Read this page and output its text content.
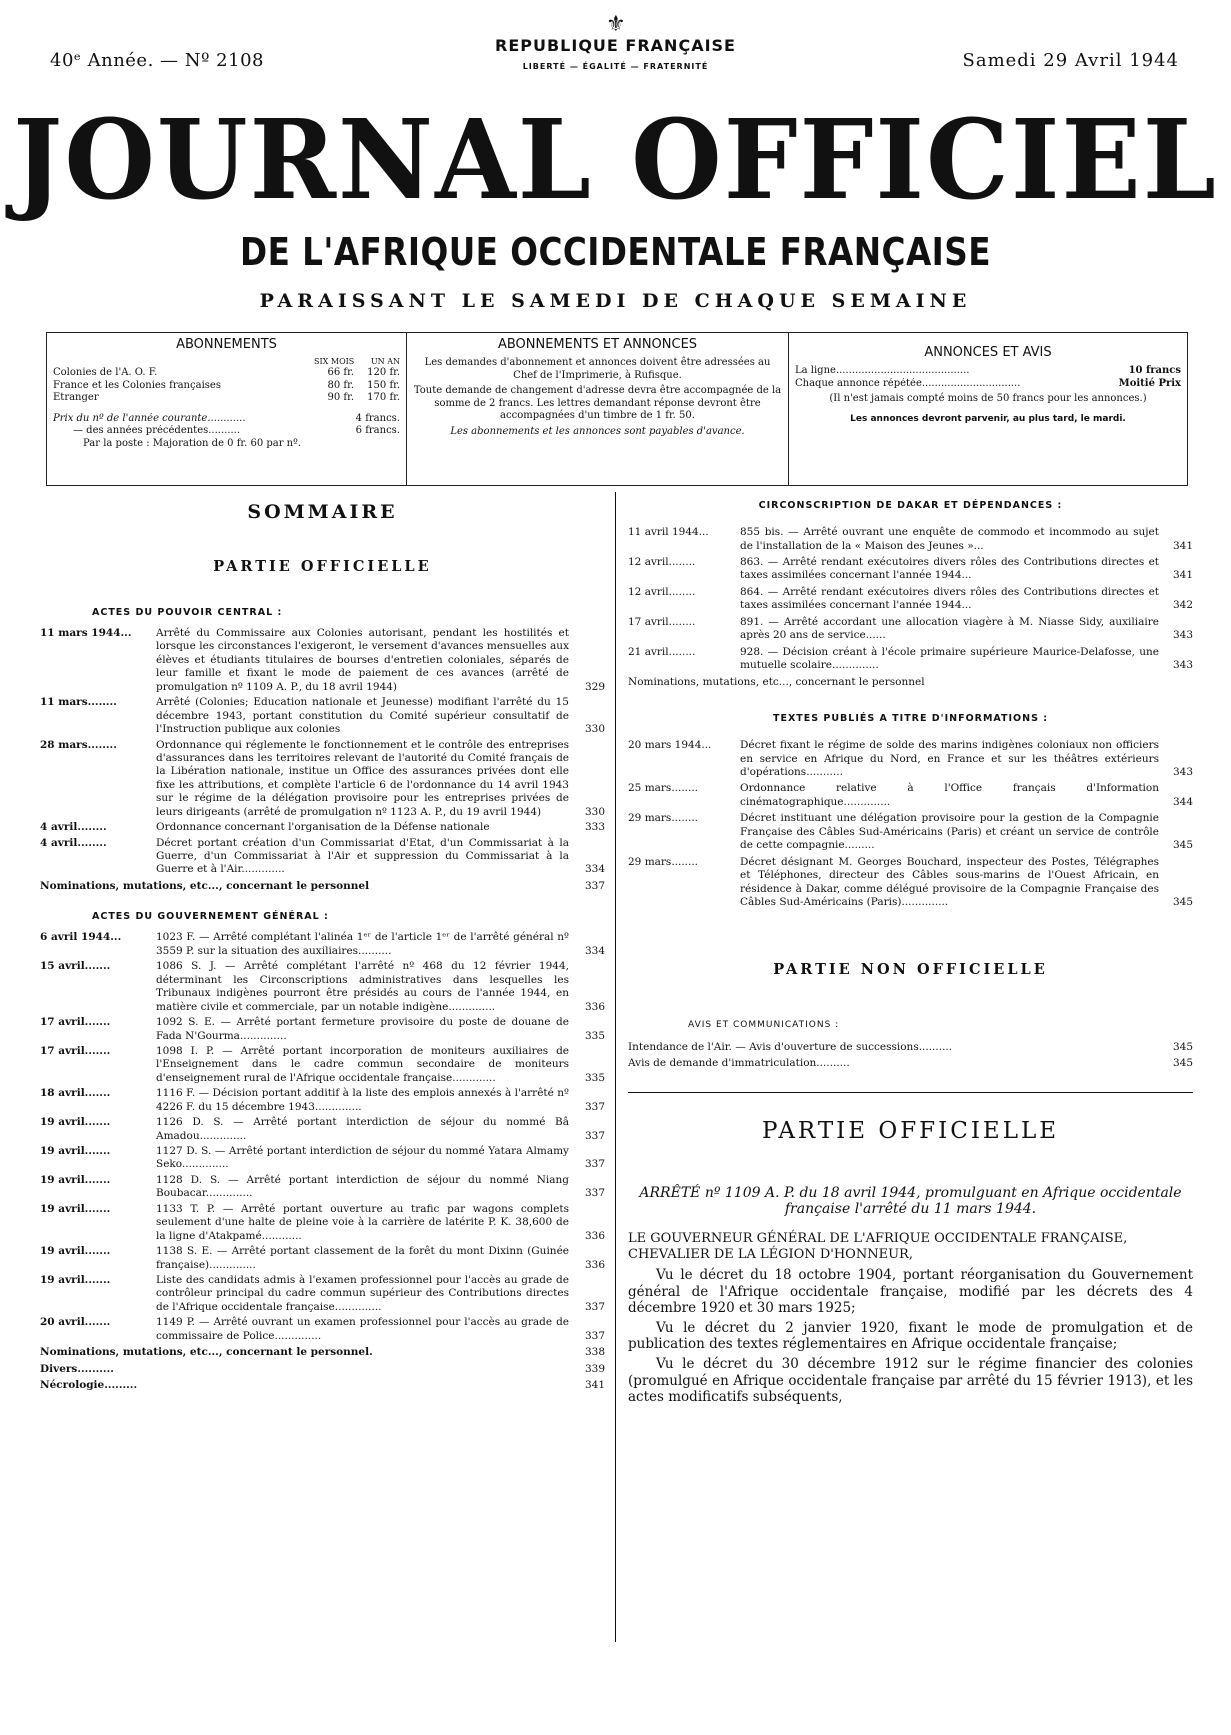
40ᵉ Année. — Nº 2108
⚜
REPUBLIQUE FRANÇAISE
LIBERTÉ — ÉGALITÉ — FRATERNITÉ	Samedi 29 Avril 1944
JOURNAL OFFICIEL
DE L'AFRIQUE OCCIDENTALE FRANÇAISE
PARAISSANT LE SAMEDI DE CHAQUE SEMAINE
ABONNEMENTS
SIX MOIS	UN AN
Colonies de l'A. O. F.	66 fr.	120 fr.
France et les Colonies françaises	80 fr.	150 fr.
Etranger	90 fr.	170 fr.
Prix du nº de l'année courante............	4 francs.
— des années précédentes..........	6 francs.
Par la poste : Majoration de 0 fr. 60 par nº.
ABONNEMENTS ET ANNONCES

Les demandes d'abonnement et annonces doivent être adressées au Chef de l'Imprimerie, à Rufisque.

Toute demande de changement d'adresse devra être accompagnée de la somme de 2 francs. Les lettres demandant réponse devront être accompagnées d'un timbre de 1 fr. 50.

Les abonnements et les annonces sont payables d'avance.

ANNONCES ET AVIS
La ligne..........................................	10 francs
Chaque annonce répétée...............................	Moitié Prix

(Il n'est jamais compté moins de 50 francs pour les annonces.)

Les annonces devront parvenir, au plus tard, le mardi.

SOMMAIRE
PARTIE OFFICIELLE
ACTES DU POUVOIR CENTRAL :
11 mars 1944...	Arrêté du Commissaire aux Colonies autorisant, pendant les hostilités et lorsque les circonstances l'exigeront, le versement d'avances mensuelles aux élèves et étudiants titulaires de bourses d'entretien coloniales, séparés de leur famille et fixant le mode de paiement de ces avances (arrêté de promulgation nº 1109 A. P., du 18 avril 1944)	329
11 mars........	Arrêté (Colonies; Education nationale et Jeunesse) modifiant l'arrêté du 15 décembre 1943, portant constitution du Comité supérieur consultatif de l'Instruction publique aux colonies	330
28 mars........	Ordonnance qui réglemente le fonctionnement et le contrôle des entreprises d'assurances dans les territoires relevant de l'autorité du Comité français de la Libération nationale, institue un Office des assurances privées dont elle fixe les attributions, et complète l'article 6 de l'ordonnance du 14 avril 1943 sur le régime de la délégation provisoire pour les entreprises privées de leurs dirigeants (arrêté de promulgation nº 1123 A. P., du 19 avril 1944)	330
4 avril........	Ordonnance concernant l'organisation de la Défense nationale	333
4 avril........	Décret portant création d'un Commissariat d'Etat, d'un Commissariat à la Guerre, d'un Commissariat à l'Air et suppression du Commissariat à la Guerre et à l'Air.............	334
Nominations, mutations, etc..., concernant le personnel	337
ACTES DU GOUVERNEMENT GÉNÉRAL :
6 avril 1944...	1023 F. — Arrêté complétant l'alinéa 1ᵉʳ de l'article 1ᵉʳ de l'arrêté général nº 3559 P. sur la situation des auxiliaires..........	334
15 avril.......	1086 S. J. — Arrêté complétant l'arrêté nº 468 du 12 février 1944, déterminant les Circonscriptions administratives dans lesquelles les Tribunaux indigènes pourront être présidés au cours de l'année 1944, en matière civile et commerciale, par un notable indigène..............	336
17 avril.......	1092 S. E. — Arrêté portant fermeture provisoire du poste de douane de Fada N'Gourma..............	335
17 avril.......	1098 I. P. — Arrêté portant incorporation de moniteurs auxiliaires de l'Enseignement dans le cadre commun secondaire de moniteurs d'enseignement rural de l'Afrique occidentale française.............	335
18 avril.......	1116 F. — Décision portant additif à la liste des emplois annexés à l'arrêté nº 4226 F. du 15 décembre 1943..............	337
19 avril.......	1126 D. S. — Arrêté portant interdiction de séjour du nommé Bâ Amadou..............	337
19 avril.......	1127 D. S. — Arrêté portant interdiction de séjour du nommé Yatara Almamy Seko..............	337
19 avril.......	1128 D. S. — Arrêté portant interdiction de séjour du nommé Niang Boubacar..............	337
19 avril.......	1133 T. P. — Arrêté portant ouverture au trafic par wagons complets seulement d'une halte de pleine voie à la carrière de latérite P. K. 38,600 de la ligne d'Atakpamé............	336
19 avril.......	1138 S. E. — Arrêté portant classement de la forêt du mont Dixinn (Guinée française)..............	336
19 avril.......	Liste des candidats admis à l'examen professionnel pour l'accès au grade de contrôleur principal du cadre commun supérieur des Contributions directes de l'Afrique occidentale française..............	337
20 avril.......	1149 P. — Arrêté ouvrant un examen professionnel pour l'accès au grade de commissaire de Police..............	337
Nominations, mutations, etc..., concernant le personnel.	338
Divers..........	339
Nécrologie.........	341
CIRCONSCRIPTION DE DAKAR ET DÉPENDANCES :
11 avril 1944...	855 bis. — Arrêté ouvrant une enquête de commodo et incommodo au sujet de l'installation de la « Maison des Jeunes »...	341
12 avril........	863. — Arrêté rendant exécutoires divers rôles des Contributions directes et taxes assimilées concernant l'année 1944...	341
12 avril........	864. — Arrêté rendant exécutoires divers rôles des Contributions directes et taxes assimilées concernant l'année 1944...	342
17 avril........	891. — Arrêté accordant une allocation viagère à M. Niasse Sidy, auxiliaire après 20 ans de service......	343
21 avril........	928. — Décision créant à l'école primaire supérieure Maurice-Delafosse, une mutuelle scolaire..............	343
Nominations, mutations, etc..., concernant le personnel
TEXTES PUBLIÉS A TITRE D'INFORMATIONS :
20 mars 1944...	Décret fixant le régime de solde des marins indigènes coloniaux non officiers en service en Afrique du Nord, en France et sur les théâtres extérieurs d'opérations...........	343
25 mars........	Ordonnance relative à l'Office français d'Information cinématographique..............	344
29 mars........	Décret instituant une délégation provisoire pour la gestion de la Compagnie Française des Câbles Sud-Américains (Paris) et créant un service de contrôle de cette compagnie.........	345
29 mars........	Décret désignant M. Georges Bouchard, inspecteur des Postes, Télégraphes et Téléphones, directeur des Câbles sous-marins de l'Ouest Africain, en résidence à Dakar, comme délégué provisoire de la Compagnie Française des Câbles Sud-Américains (Paris)..............	345
PARTIE NON OFFICIELLE
AVIS ET COMMUNICATIONS :
Intendance de l'Air. — Avis d'ouverture de successions..........	345
Avis de demande d'immatriculation..........	345
PARTIE OFFICIELLE
ARRÊTÉ nº 1109 A. P. du 18 avril 1944, promulguant en Afrique occidentale française l'arrêté du 11 mars 1944.
LE GOUVERNEUR GÉNÉRAL DE L'AFRIQUE OCCIDENTALE FRANÇAISE, CHEVALIER DE LA LÉGION D'HONNEUR,

Vu le décret du 18 octobre 1904, portant réorganisation du Gouvernement général de l'Afrique occidentale française, modifié par les décrets des 4 décembre 1920 et 30 mars 1925;

Vu le décret du 2 janvier 1920, fixant le mode de promulgation et de publication des textes réglementaires en Afrique occidentale française;

Vu le décret du 30 décembre 1912 sur le régime financier des colonies (promulgué en Afrique occidentale française par arrêté du 15 février 1913), et les actes modificatifs subséquents,
